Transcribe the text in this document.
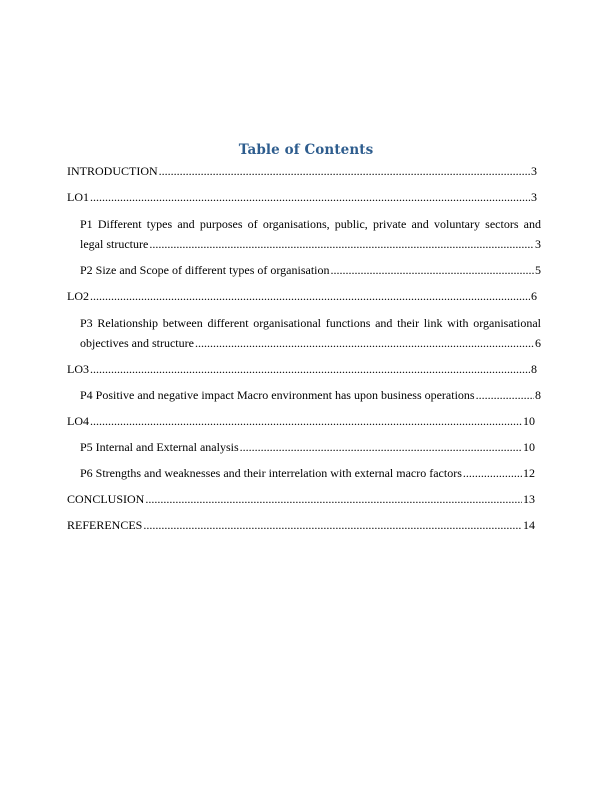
Table of Contents
INTRODUCTION .....	3
LO1 .....	3
P1 Different types and purposes of organisations, public, private and voluntary sectors and
legal structure .....	3
P2 Size and Scope of different types of organisation .....	5
LO2 .....	6
P3 Relationship between different organisational functions and their link with organisational
objectives and structure .....	6
LO3 .....	8
P4 Positive and negative impact Macro environment has upon business operations .....	8
LO4 .....	10
P5 Internal and External analysis .....	10
P6 Strengths and weaknesses and their interrelation with external macro factors .....	12
CONCLUSION .....	13
REFERENCES .....	14
